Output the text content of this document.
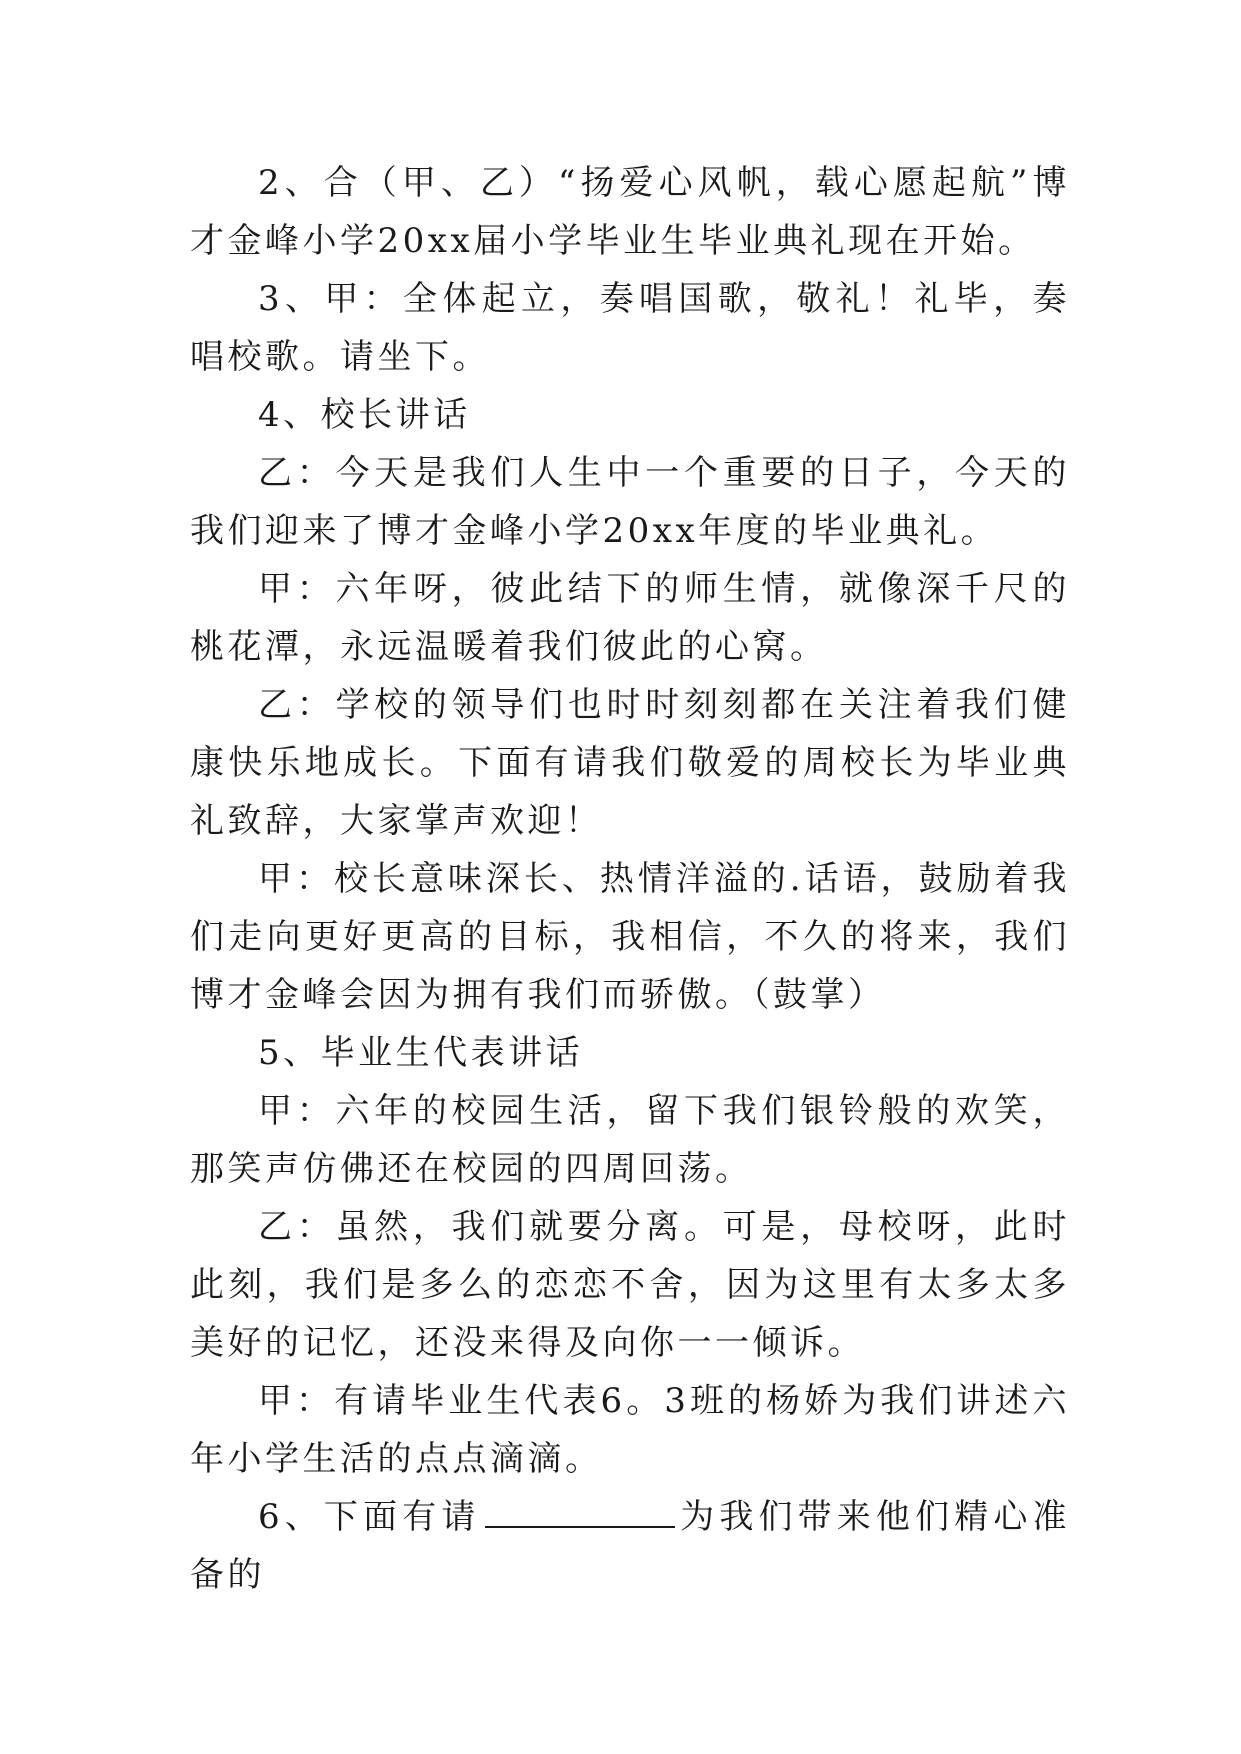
2、合（甲、乙）“扬爱心风帆，载心愿起航”博才金峰小学20xx届小学毕业生毕业典礼现在开始。

3、甲：全体起立，奏唱国歌，敬礼！礼毕，奏唱校歌。请坐下。

4、校长讲话

乙：今天是我们人生中一个重要的日子，今天的我们迎来了博才金峰小学20xx年度的毕业典礼。

甲：六年呀，彼此结下的师生情，就像深千尺的桃花潭，永远温暖着我们彼此的心窝。

乙：学校的领导们也时时刻刻都在关注着我们健康快乐地成长。下面有请我们敬爱的周校长为毕业典礼致辞，大家掌声欢迎！

甲：校长意味深长、热情洋溢的.话语，鼓励着我们走向更好更高的目标，我相信，不久的将来，我们博才金峰会因为拥有我们而骄傲。（鼓掌）

5、毕业生代表讲话

甲：六年的校园生活，留下我们银铃般的欢笑，那笑声仿佛还在校园的四周回荡。

乙：虽然，我们就要分离。可是，母校呀，此时此刻，我们是多么的恋恋不舍，因为这里有太多太多美好的记忆，还没来得及向你一一倾诉。

甲：有请毕业生代表6。3班的杨娇为我们讲述六年小学生活的点点滴滴。

6、下面有请	为我们带来他们精心准备的
